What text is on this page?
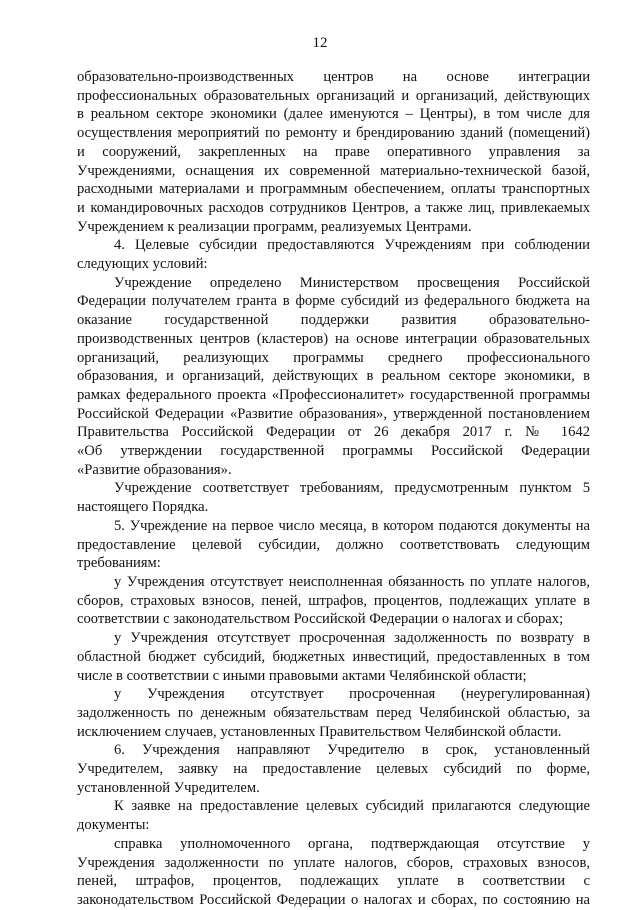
12

образовательно-производственных центров на основе интеграции

профессиональных образовательных организаций и организаций, действующих

в реальном секторе экономики (далее именуются – Центры), в том числе для

осуществления мероприятий по ремонту и брендированию зданий (помещений)

и сооружений, закрепленных на праве оперативного управления за

Учреждениями, оснащения их современной материально-технической базой,

расходными материалами и программным обеспечением, оплаты транспортных

и командировочных расходов сотрудников Центров, а также лиц, привлекаемых

Учреждением к реализации программ, реализуемых Центрами.

4. Целевые субсидии предоставляются Учреждениям при соблюдении

следующих условий:

Учреждение определено Министерством просвещения Российской

Федерации получателем гранта в форме субсидий из федерального бюджета на

оказание государственной поддержки развития образовательно-

производственных центров (кластеров) на основе интеграции образовательных

организаций, реализующих программы среднего профессионального

образования, и организаций, действующих в реальном секторе экономики, в

рамках федерального проекта «Профессионалитет» государственной программы

Российской Федерации «Развитие образования», утвержденной постановлением

Правительства Российской Федерации от 26 декабря 2017 г. № 1642

«Об утверждении государственной программы Российской Федерации

«Развитие образования».

Учреждение соответствует требованиям, предусмотренным пунктом 5

настоящего Порядка.

5. Учреждение на первое число месяца, в котором подаются документы на

предоставление целевой субсидии, должно соответствовать следующим

требованиям:

у Учреждения отсутствует неисполненная обязанность по уплате налогов,

сборов, страховых взносов, пеней, штрафов, процентов, подлежащих уплате в

соответствии с законодательством Российской Федерации о налогах и сборах;

у Учреждения отсутствует просроченная задолженность по возврату в

областной бюджет субсидий, бюджетных инвестиций, предоставленных в том

числе в соответствии с иными правовыми актами Челябинской области;

у Учреждения отсутствует просроченная (неурегулированная)

задолженность по денежным обязательствам перед Челябинской областью, за

исключением случаев, установленных Правительством Челябинской области.

6. Учреждения направляют Учредителю в срок, установленный

Учредителем, заявку на предоставление целевых субсидий по форме,

установленной Учредителем.

К заявке на предоставление целевых субсидий прилагаются следующие

документы:

справка уполномоченного органа, подтверждающая отсутствие у

Учреждения задолженности по уплате налогов, сборов, страховых взносов,

пеней, штрафов, процентов, подлежащих уплате в соответствии с

законодательством Российской Федерации о налогах и сборах, по состоянию на
